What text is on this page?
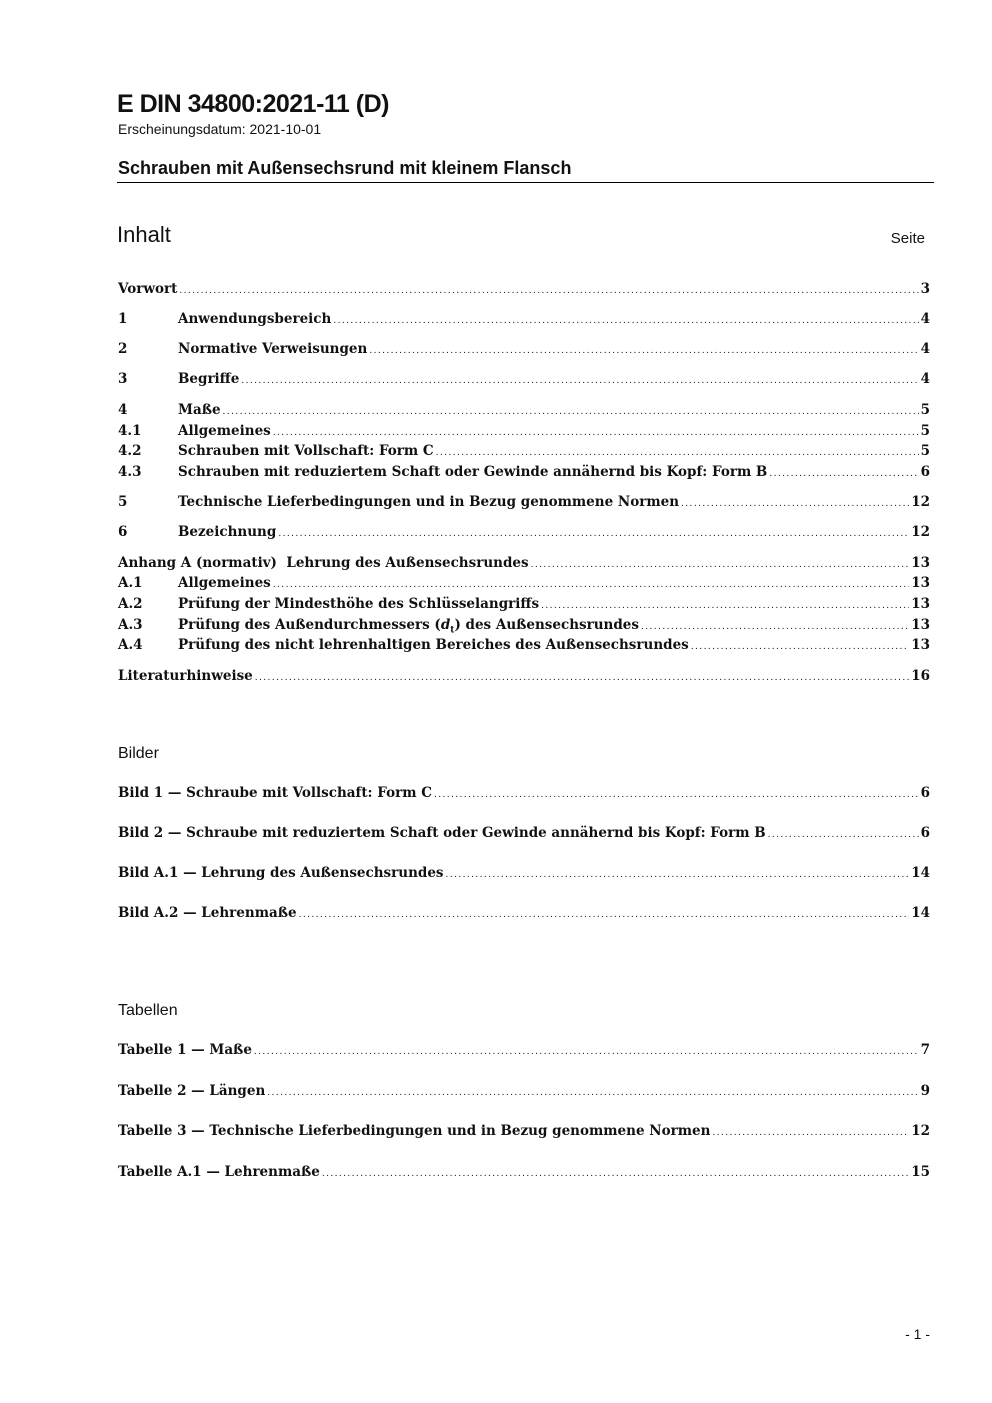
E DIN 34800:2021-11 (D)
Erscheinungsdatum: 2021-10-01
Schrauben mit Außensechsrund mit kleinem Flansch
Inhalt	Seite
Vorwort .....	3
1	Anwendungsbereich .....	4
2	Normative Verweisungen .....	4
3	Begriffe .....	4
4	Maße .....	5
4.1	Allgemeines .....	5
4.2	Schrauben mit Vollschaft: Form C .....	5
4.3	Schrauben mit reduziertem Schaft oder Gewinde annähernd bis Kopf: Form B .....	6
5	Technische Lieferbedingungen und in Bezug genommene Normen .....	12
6	Bezeichnung .....	12
Anhang A (normativ)  Lehrung des Außensechsrundes .....	13
A.1	Allgemeines .....	13
A.2	Prüfung der Mindesthöhe des Schlüsselangriffs .....	13
A.3	Prüfung des Außendurchmessers $(d_t)$ des Außensechsrundes .....	13
A.4	Prüfung des nicht lehrenhaltigen Bereiches des Außensechsrundes .....	13
Literaturhinweise .....	16
Bilder
Bild 1 — Schraube mit Vollschaft: Form C .....	6
Bild 2 — Schraube mit reduziertem Schaft oder Gewinde annähernd bis Kopf: Form B .....	6
Bild A.1 — Lehrung des Außensechsrundes .....	14
Bild A.2 — Lehrenmaße .....	14
Tabellen
Tabelle 1 — Maße .....	7
Tabelle 2 — Längen .....	9
Tabelle 3 — Technische Lieferbedingungen und in Bezug genommene Normen .....	12
Tabelle A.1 — Lehrenmaße .....	15
- 1 -
